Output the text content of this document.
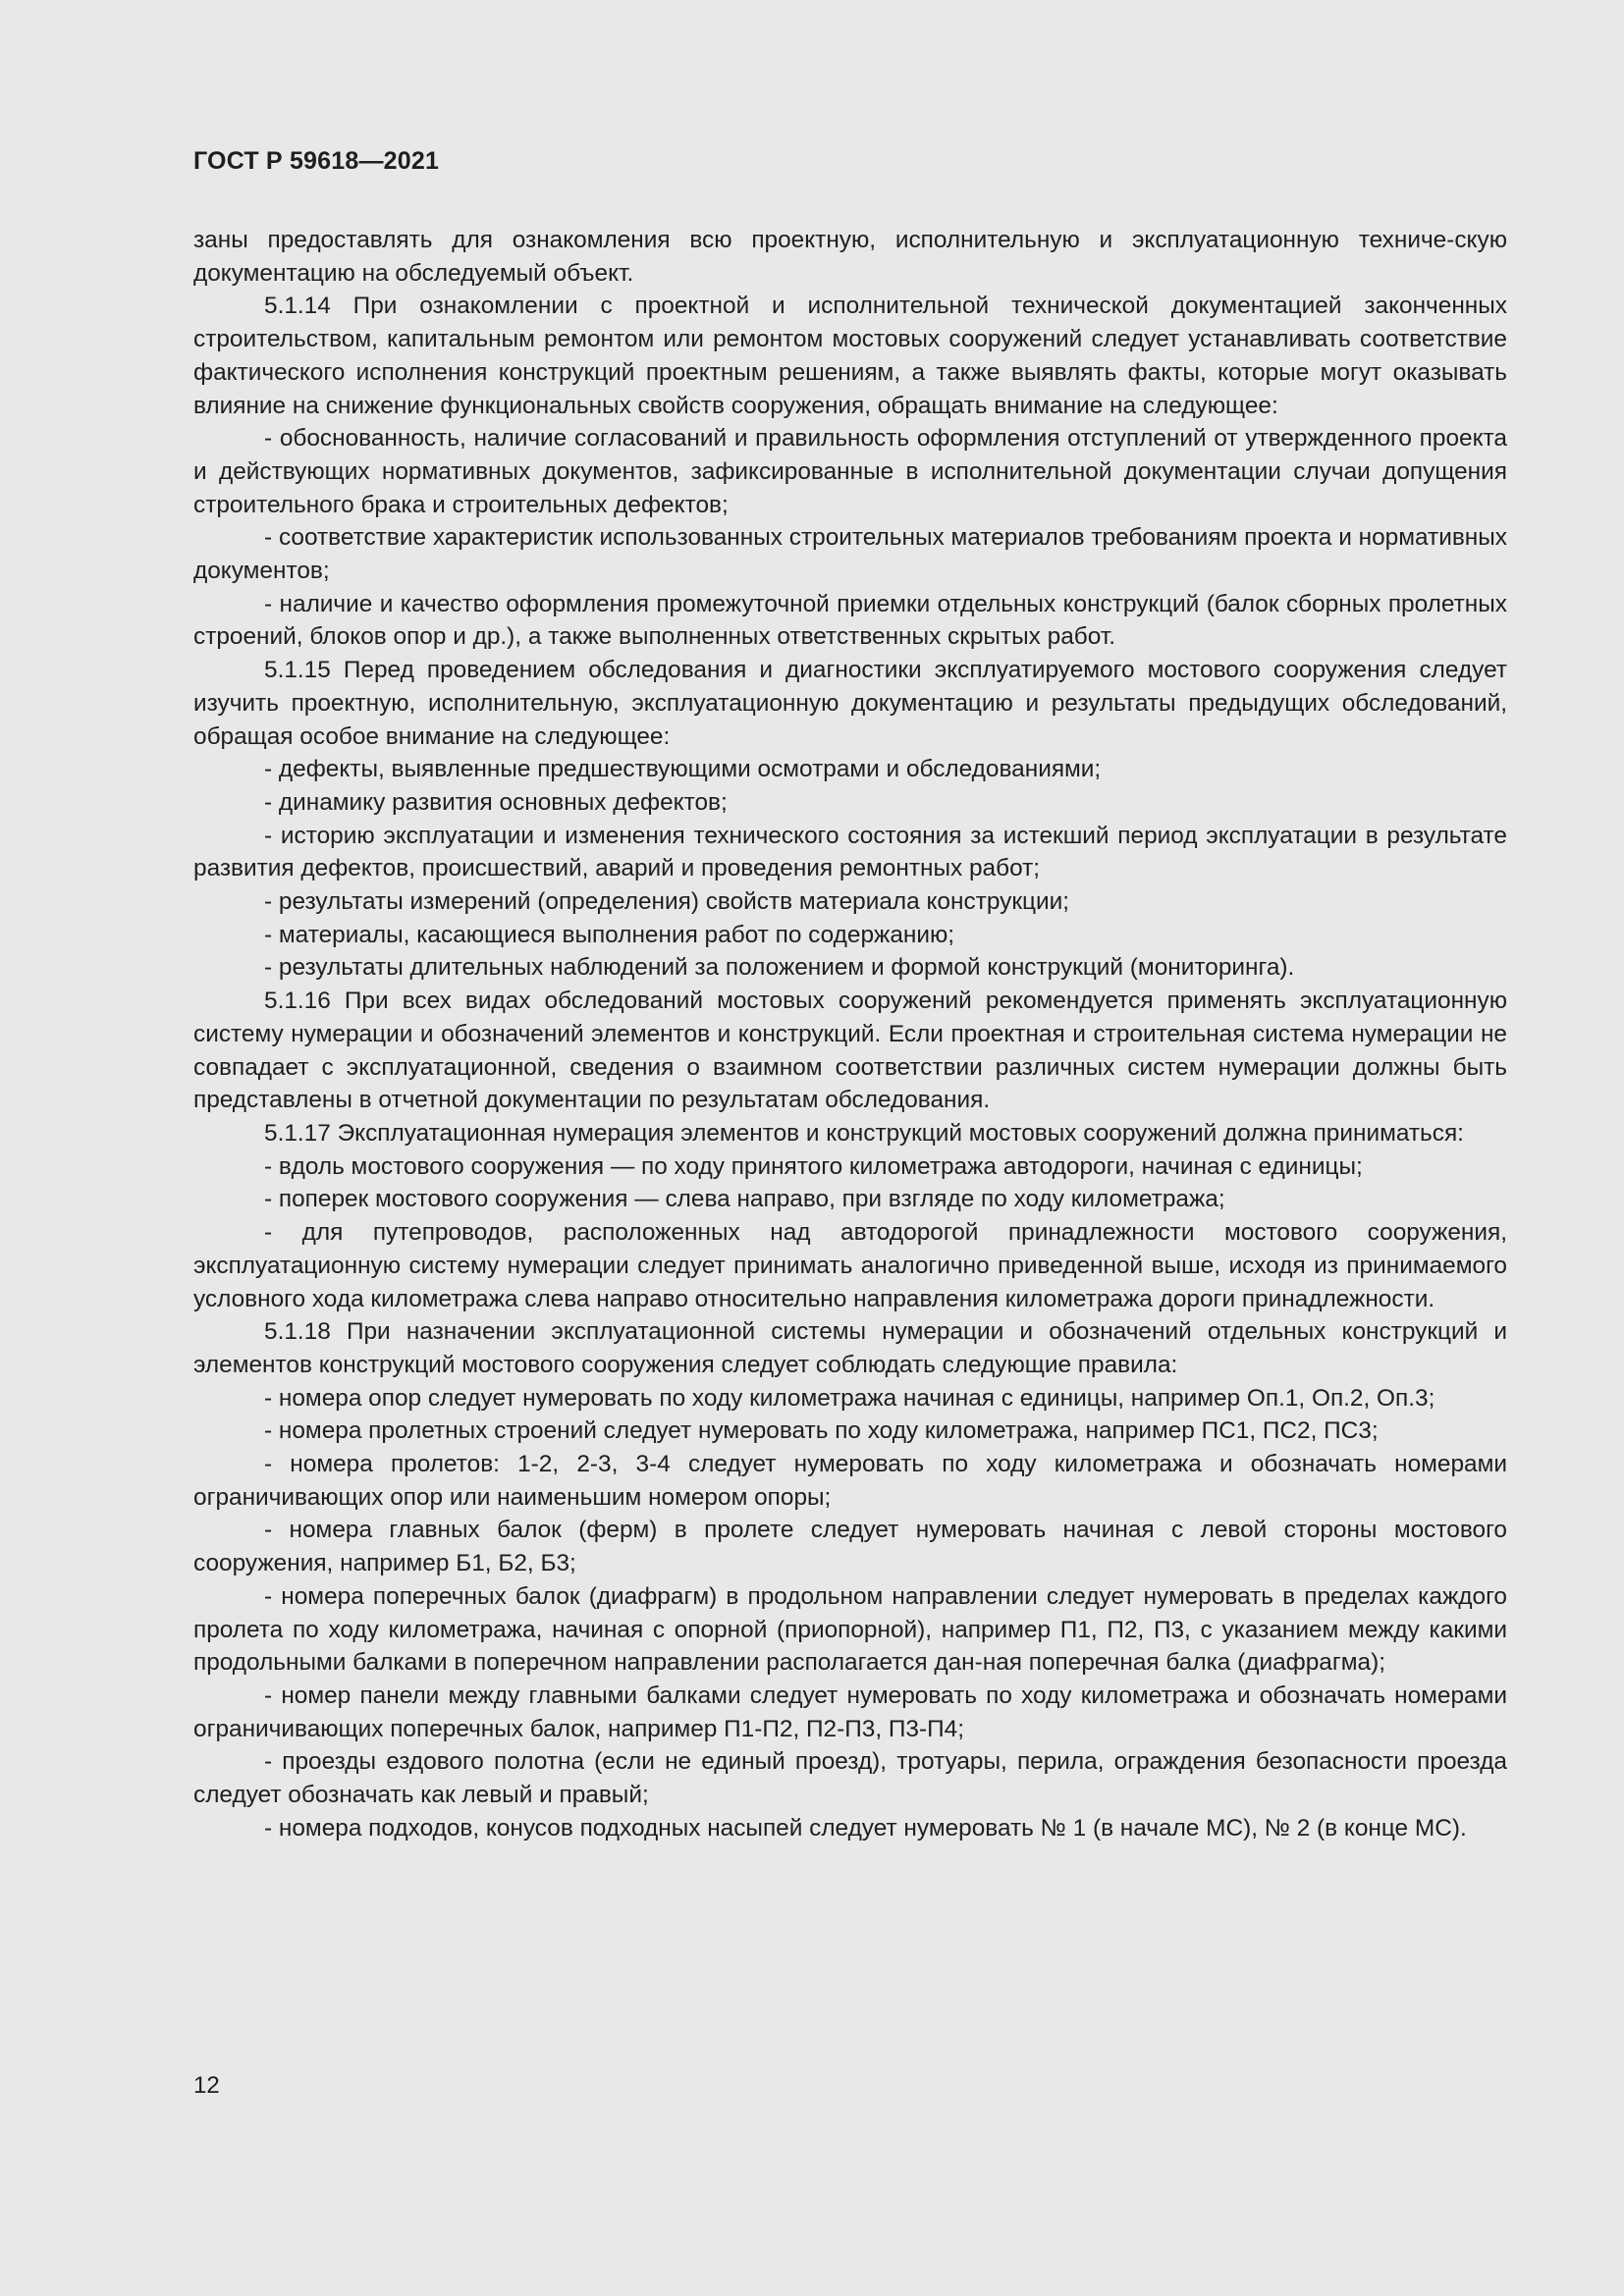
ГОСТ Р 59618—2021

заны предоставлять для ознакомления всю проектную, исполнительную и эксплуатационную техниче-скую документацию на обследуемый объект.

5.1.14 При ознакомлении с проектной и исполнительной технической документацией законченных строительством, капитальным ремонтом или ремонтом мостовых сооружений следует устанавливать соответствие фактического исполнения конструкций проектным решениям, а также выявлять факты, которые могут оказывать влияние на снижение функциональных свойств сооружения, обращать внимание на следующее:

- обоснованность, наличие согласований и правильность оформления отступлений от утвержденного проекта и действующих нормативных документов, зафиксированные в исполнительной документации случаи допущения строительного брака и строительных дефектов;

- соответствие характеристик использованных строительных материалов требованиям проекта и нормативных документов;

- наличие и качество оформления промежуточной приемки отдельных конструкций (балок сборных пролетных строений, блоков опор и др.), а также выполненных ответственных скрытых работ.

5.1.15 Перед проведением обследования и диагностики эксплуатируемого мостового сооружения следует изучить проектную, исполнительную, эксплуатационную документацию и результаты предыдущих обследований, обращая особое внимание на следующее:

- дефекты, выявленные предшествующими осмотрами и обследованиями;

- динамику развития основных дефектов;

- историю эксплуатации и изменения технического состояния за истекший период эксплуатации в результате развития дефектов, происшествий, аварий и проведения ремонтных работ;

- результаты измерений (определения) свойств материала конструкции;

- материалы, касающиеся выполнения работ по содержанию;

- результаты длительных наблюдений за положением и формой конструкций (мониторинга).

5.1.16 При всех видах обследований мостовых сооружений рекомендуется применять эксплуатационную систему нумерации и обозначений элементов и конструкций. Если проектная и строительная система нумерации не совпадает с эксплуатационной, сведения о взаимном соответствии различных систем нумерации должны быть представлены в отчетной документации по результатам обследования.

5.1.17 Эксплуатационная нумерация элементов и конструкций мостовых сооружений должна приниматься:

- вдоль мостового сооружения — по ходу принятого километража автодороги, начиная с единицы;

- поперек мостового сооружения — слева направо, при взгляде по ходу километража;

- для путепроводов, расположенных над автодорогой принадлежности мостового сооружения, эксплуатационную систему нумерации следует принимать аналогично приведенной выше, исходя из принимаемого условного хода километража слева направо относительно направления километража дороги принадлежности.

5.1.18 При назначении эксплуатационной системы нумерации и обозначений отдельных конструкций и элементов конструкций мостового сооружения следует соблюдать следующие правила:

- номера опор следует нумеровать по ходу километража начиная с единицы, например Оп.1, Оп.2, Оп.3;

- номера пролетных строений следует нумеровать по ходу километража, например ПС1, ПС2, ПС3;

- номера пролетов: 1-2, 2-3, 3-4 следует нумеровать по ходу километража и обозначать номерами ограничивающих опор или наименьшим номером опоры;

- номера главных балок (ферм) в пролете следует нумеровать начиная с левой стороны мостового сооружения, например Б1, Б2, Б3;

- номера поперечных балок (диафрагм) в продольном направлении следует нумеровать в пределах каждого пролета по ходу километража, начиная с опорной (приопорной), например П1, П2, П3, с указанием между какими продольными балками в поперечном направлении располагается дан-ная поперечная балка (диафрагма);

- номер панели между главными балками следует нумеровать по ходу километража и обозначать номерами ограничивающих поперечных балок, например П1-П2, П2-П3, П3-П4;

- проезды ездового полотна (если не единый проезд), тротуары, перила, ограждения безопасности проезда следует обозначать как левый и правый;

- номера подходов, конусов подходных насыпей следует нумеровать № 1 (в начале МС), № 2 (в конце МС).

12
